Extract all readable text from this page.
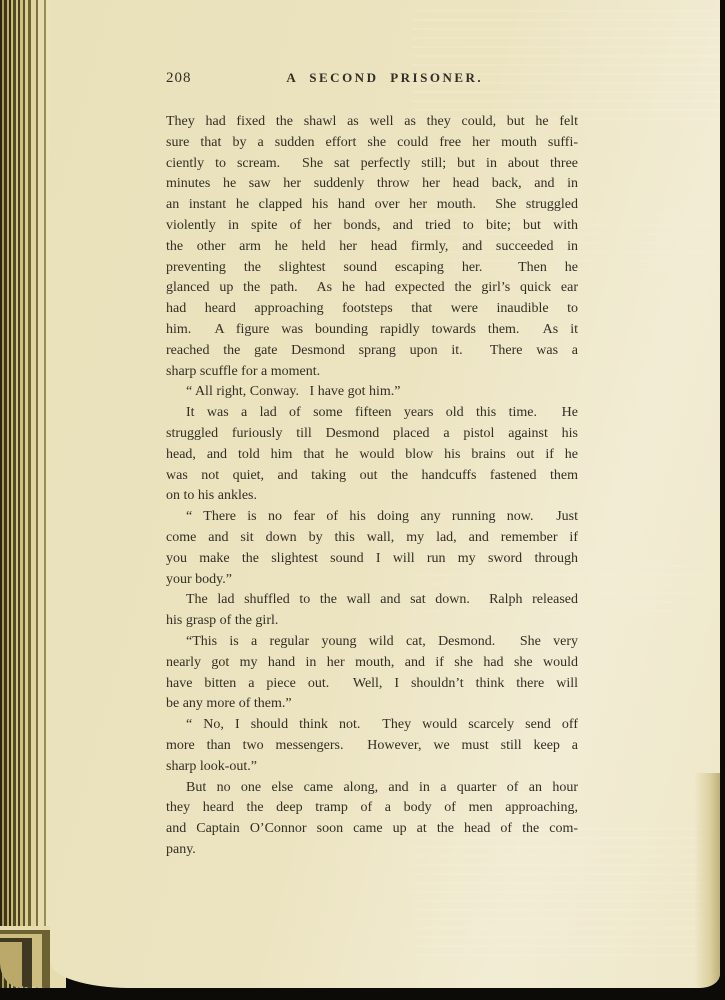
208	A SECOND PRISONER.
They had fixed the shawl as well as they could, but he felt
sure that by a sudden effort she could free her mouth suffi-
ciently to scream.  She sat perfectly still; but in about three
minutes he saw her suddenly throw her head back, and in
an instant he clapped his hand over her mouth.  She struggled
violently in spite of her bonds, and tried to bite; but with
the other arm he held her head firmly, and succeeded in
preventing the slightest sound escaping her.  Then he
glanced up the path.  As he had expected the girl’s quick ear
had heard approaching footsteps that were inaudible to
him.  A figure was bounding rapidly towards them.  As it
reached the gate Desmond sprang upon it.  There was a
sharp scuffle for a moment.
“ All right, Conway.   I have got him.”
It was a lad of some fifteen years old this time.  He
struggled furiously till Desmond placed a pistol against his
head, and told him that he would blow his brains out if he
was not quiet, and taking out the handcuffs fastened them
on to his ankles.
“ There is no fear of his doing any running now.  Just
come and sit down by this wall, my lad, and remember if
you make the slightest sound I will run my sword through
your body.”
The lad shuffled to the wall and sat down.  Ralph released
his grasp of the girl.
“This is a regular young wild cat, Desmond.  She very
nearly got my hand in her mouth, and if she had she would
have bitten a piece out.  Well, I shouldn’t think there will
be any more of them.”
“ No, I should think not.  They would scarcely send off
more than two messengers.  However, we must still keep a
sharp look-out.”
But no one else came along, and in a quarter of an hour
they heard the deep tramp of a body of men approaching,
and Captain O’Connor soon came up at the head of the com-
pany.
